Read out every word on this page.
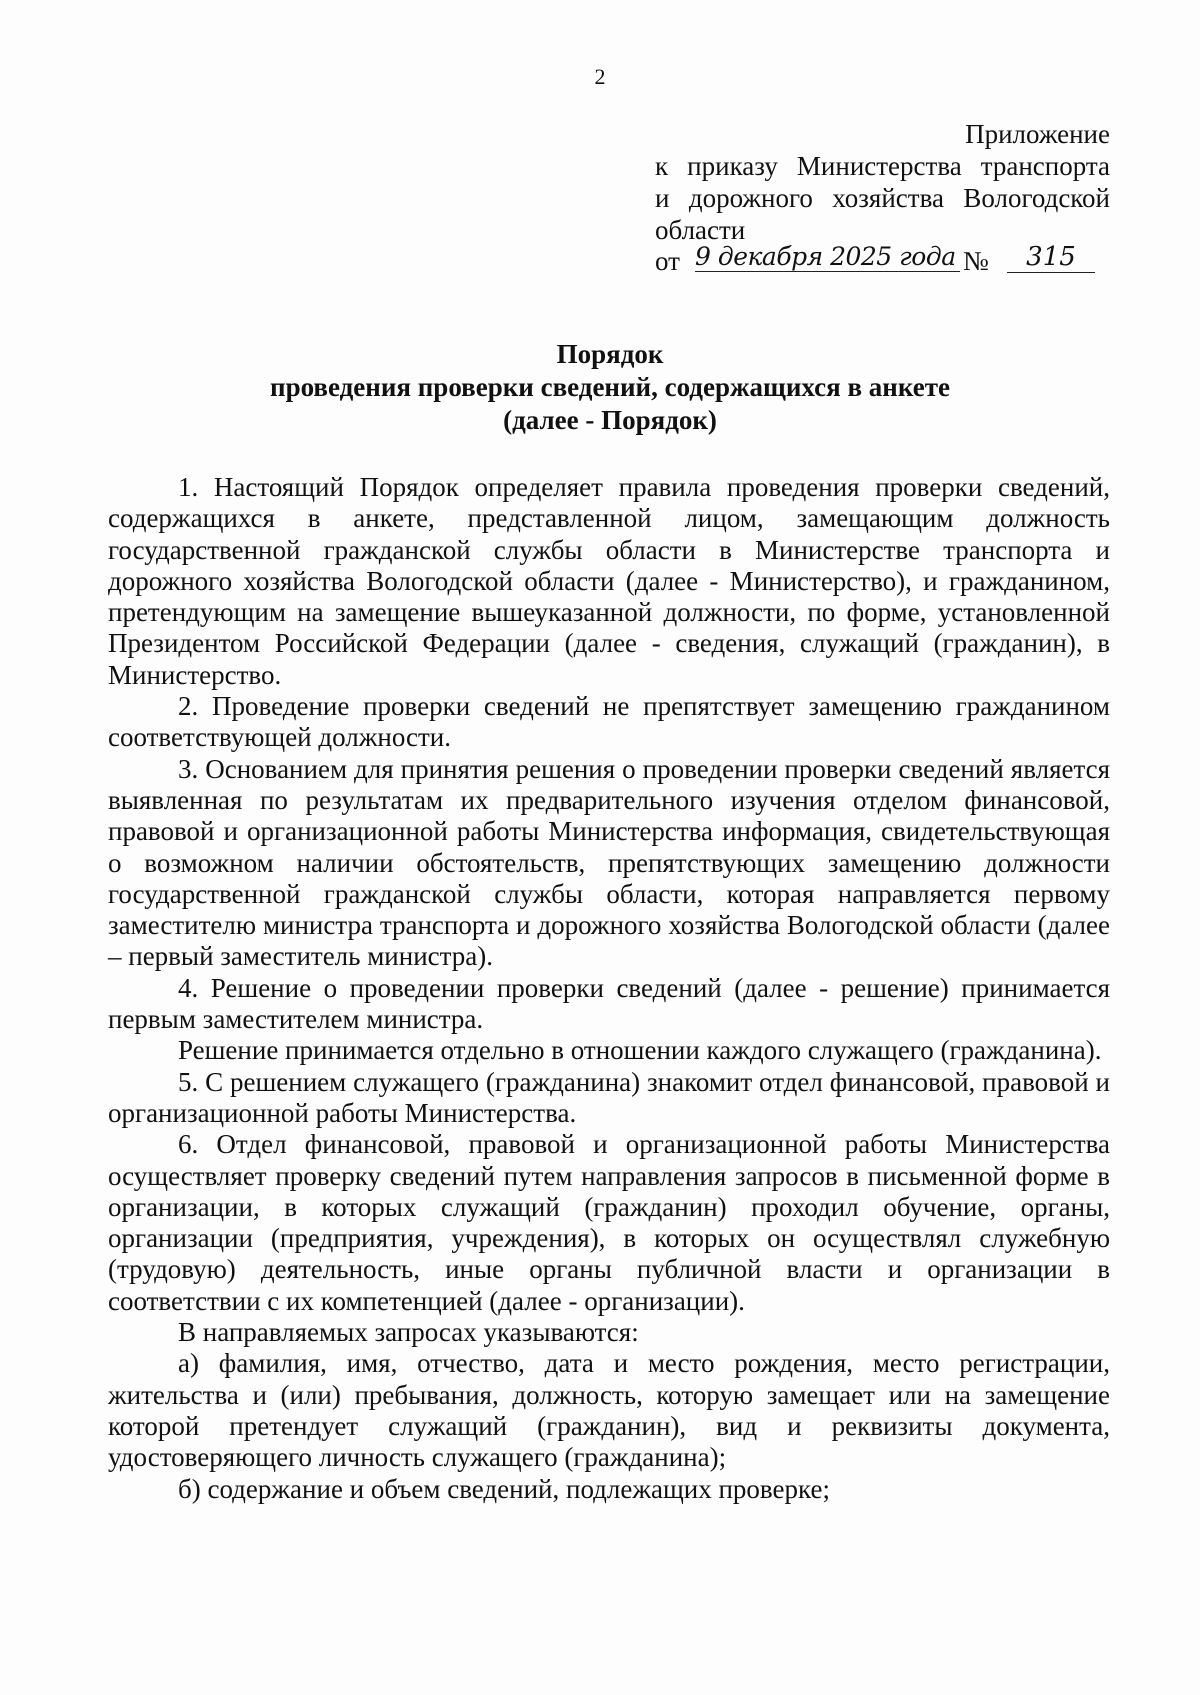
2
Приложение
к приказу Министерства транспорта
и дорожного хозяйства Вологодской
области
от 9 декабря 2025 года №	315
Порядок
проведения проверки сведений, содержащихся в анкете
(далее - Порядок)

1. Настоящий Порядок определяет правила проведения проверки сведений, содержащихся в анкете, представленной лицом, замещающим должность государственной гражданской службы области в Министерстве транспорта и дорожного хозяйства Вологодской области (далее - Министерство), и гражданином, претендующим на замещение вышеуказанной должности, по форме, установленной Президентом Российской Федерации (далее - сведения, служащий (гражданин), в Министерство.

2. Проведение проверки сведений не препятствует замещению гражданином соответствующей должности.

3. Основанием для принятия решения о проведении проверки сведений является выявленная по результатам их предварительного изучения отделом финансовой, правовой и организационной работы Министерства информация, свидетельствующая о возможном наличии обстоятельств, препятствующих замещению должности государственной гражданской службы области, которая направляется первому заместителю министра транспорта и дорожного хозяйства Вологодской области (далее – первый заместитель министра).

4. Решение о проведении проверки сведений (далее - решение) принимается первым заместителем министра.

Решение принимается отдельно в отношении каждого служащего (гражданина).

5. С решением служащего (гражданина) знакомит отдел финансовой, правовой и организационной работы Министерства.

6. Отдел финансовой, правовой и организационной работы Министерства осуществляет проверку сведений путем направления запросов в письменной форме в организации, в которых служащий (гражданин) проходил обучение, органы, организации (предприятия, учреждения), в которых он осуществлял служебную (трудовую) деятельность, иные органы публичной власти и организации в соответствии с их компетенцией (далее - организации).

В направляемых запросах указываются:

а) фамилия, имя, отчество, дата и место рождения, место регистрации, жительства и (или) пребывания, должность, которую замещает или на замещение которой претендует служащий (гражданин), вид и реквизиты документа, удостоверяющего личность служащего (гражданина);

б) содержание и объем сведений, подлежащих проверке;
